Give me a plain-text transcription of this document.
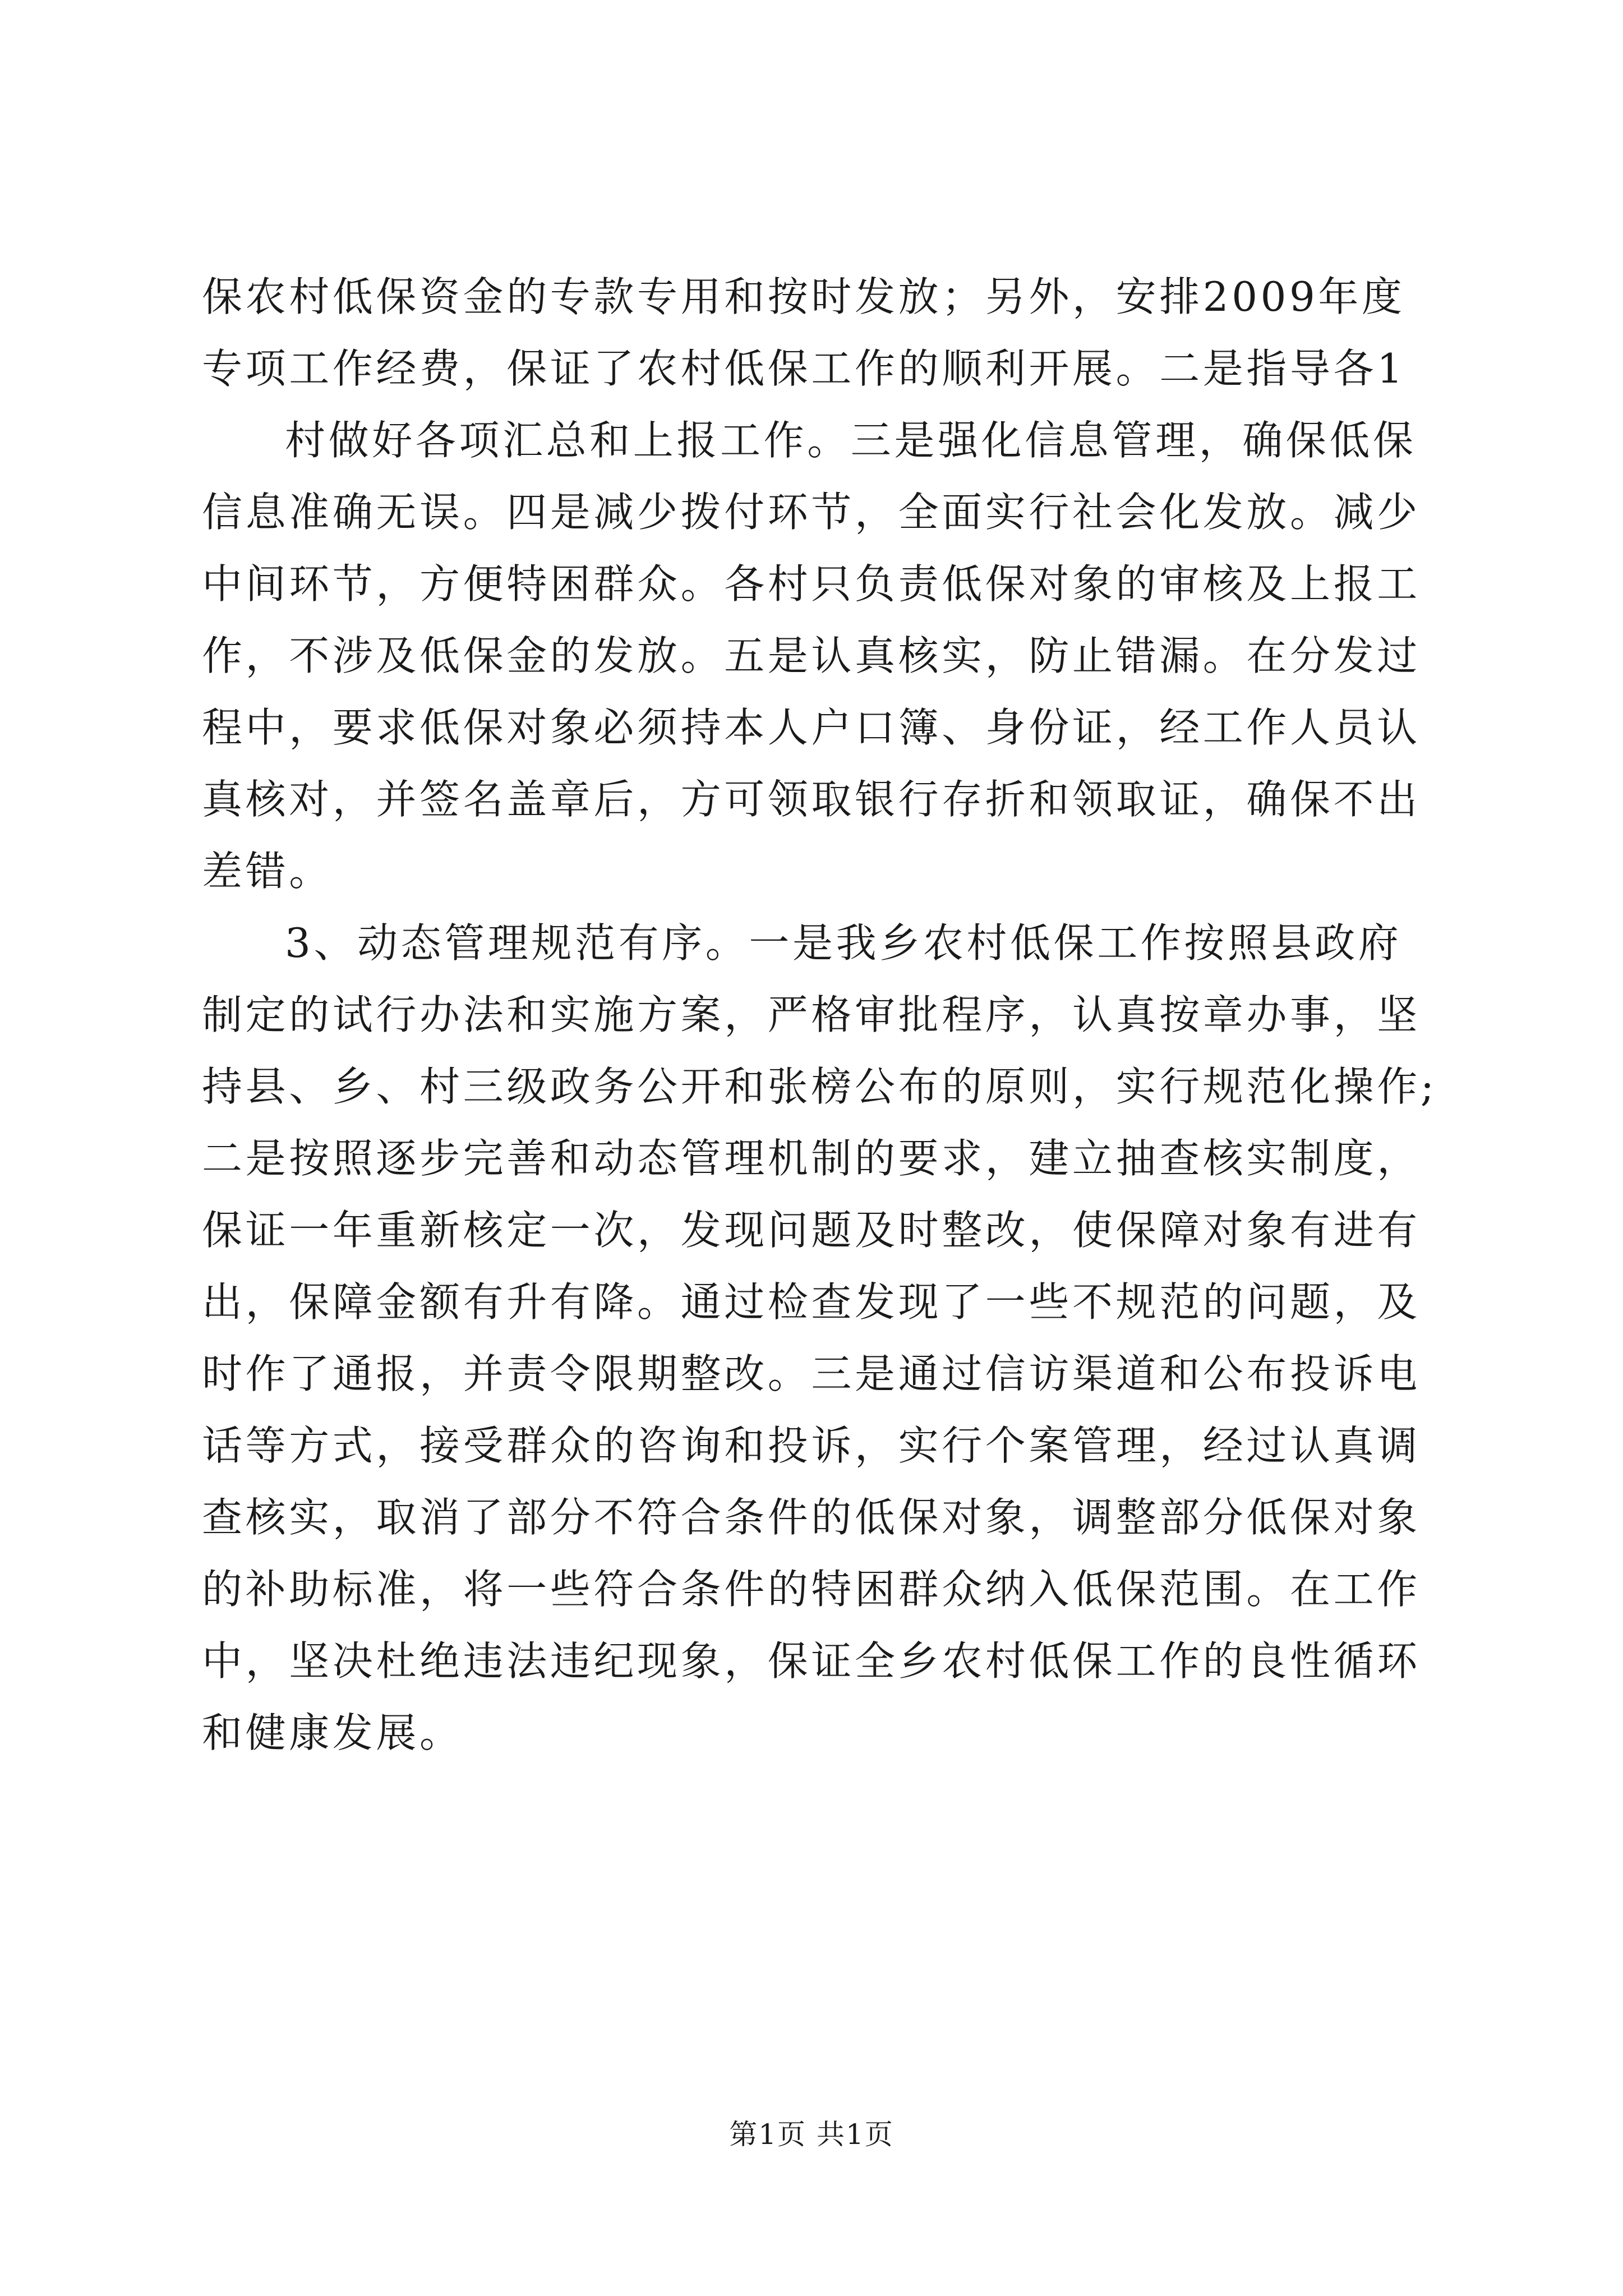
保农村低保资金的专款专用和按时发放；另外，安排2009年度
专项工作经费，保证了农村低保工作的顺利开展。二是指导各1
村做好各项汇总和上报工作。三是强化信息管理，确保低保
信息准确无误。四是减少拨付环节，全面实行社会化发放。减少
中间环节，方便特困群众。各村只负责低保对象的审核及上报工
作，不涉及低保金的发放。五是认真核实，防止错漏。在分发过
程中，要求低保对象必须持本人户口簿、身份证，经工作人员认
真核对，并签名盖章后，方可领取银行存折和领取证，确保不出
差错。
3、动态管理规范有序。一是我乡农村低保工作按照县政府
制定的试行办法和实施方案，严格审批程序，认真按章办事，坚
持县、乡、村三级政务公开和张榜公布的原则，实行规范化操作;
二是按照逐步完善和动态管理机制的要求，建立抽查核实制度，
保证一年重新核定一次，发现问题及时整改，使保障对象有进有
出，保障金额有升有降。通过检查发现了一些不规范的问题，及
时作了通报，并责令限期整改。三是通过信访渠道和公布投诉电
话等方式，接受群众的咨询和投诉，实行个案管理，经过认真调
查核实，取消了部分不符合条件的低保对象，调整部分低保对象
的补助标准，将一些符合条件的特困群众纳入低保范围。在工作
中，坚决杜绝违法违纪现象，保证全乡农村低保工作的良性循环
和健康发展。
第1页 共1页
